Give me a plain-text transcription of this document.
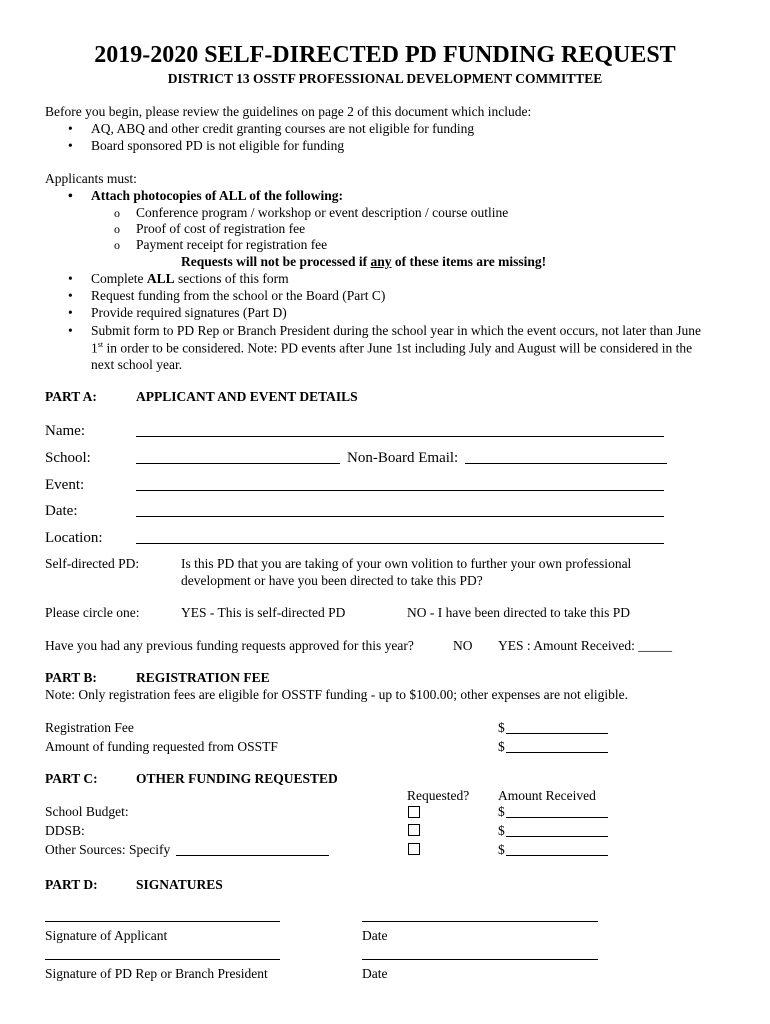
2019-2020 SELF-DIRECTED PD FUNDING REQUEST
DISTRICT 13 OSSTF PROFESSIONAL DEVELOPMENT COMMITTEE
Before you begin, please review the guidelines on page 2 of this document which include:
• AQ, ABQ and other credit granting courses are not eligible for funding
• Board sponsored PD is not eligible for funding
Applicants must:
• Attach photocopies of ALL of the following:
o Conference program / workshop or event description / course outline
o Proof of cost of registration fee
o Payment receipt for registration fee
Requests will not be processed if any of these items are missing!
• Complete ALL sections of this form
• Request funding from the school or the Board (Part C)
• Provide required signatures (Part D)
• Submit form to PD Rep or Branch President during the school year in which the event occurs, not later than June
1st in order to be considered. Note: PD events after June 1st including July and August will be considered in the
next school year.
PART A:	APPLICANT AND EVENT DETAILS
Name:
School:	Non-Board Email:
Event:
Date:
Location:
Self-directed PD:	Is this PD that you are taking of your own volition to further your own professional
development or have you been directed to take this PD?
Please circle one:	YES - This is self-directed PD	NO - I have been directed to take this PD
Have you had any previous funding requests approved for this year?	NO YES : Amount Received: _____
PART B:	REGISTRATION FEE
Note: Only registration fees are eligible for OSSTF funding - up to $100.00; other expenses are not eligible.
Registration Fee	$
Amount of funding requested from OSSTF	$
PART C:	OTHER FUNDING REQUESTED
Requested? Amount Received
School Budget:	$
DDSB:	$
Other Sources: Specify	$
PART D:	SIGNATURES
Signature of Applicant	Date
Signature of PD Rep or Branch President	Date
